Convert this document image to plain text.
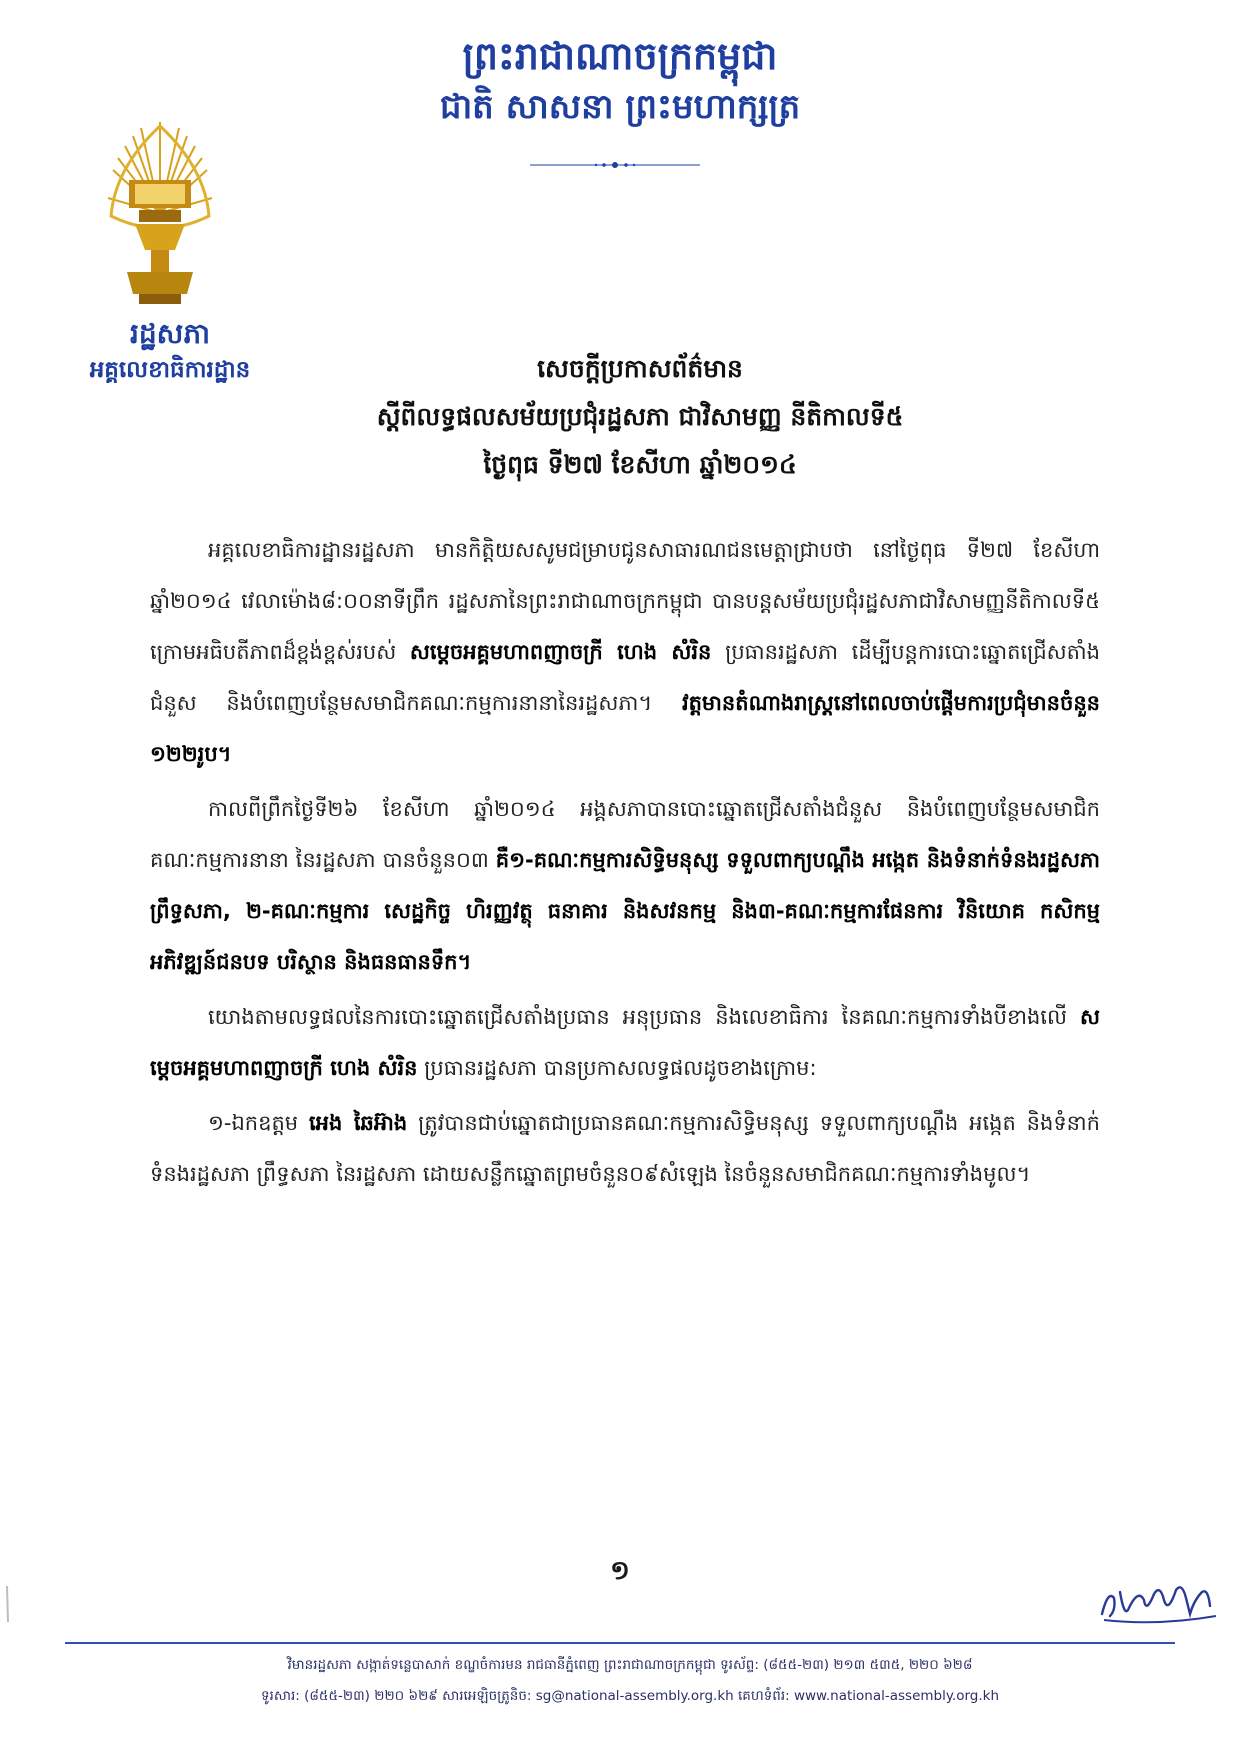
ព្រះរាជាណាចក្រកម្ពុជា
ជាតិ សាសនា ព្រះមហាក្សត្រ
រដ្ឋសភា
អគ្គលេខាធិការដ្ឋាន	សេចក្តីប្រកាសព័ត៌មាន
ស្តីពីលទ្ធផលសម័យប្រជុំរដ្ឋសភា ជាវិសាមញ្ញ នីតិកាលទី៥
ថ្ងៃពុធ ទី២៧ ខែសីហា ឆ្នាំ២០១៤

អគ្គលេខាធិការដ្ឋានរដ្ឋសភា មានកិត្តិយសសូមជម្រាបជូនសាធារណជនមេត្តាជ្រាបថា នៅថ្ងៃពុធ ទី២៧ ខែសីហា ឆ្នាំ២០១៤ វេលាម៉ោង៨:០០នាទីព្រឹក រដ្ឋសភានៃព្រះរាជាណាចក្រកម្ពុជា បានបន្តសម័យប្រជុំរដ្ឋសភាជាវិសាមញ្ញនីតិកាលទី៥ ក្រោមអធិបតីភាពដ៏ខ្ពង់ខ្ពស់របស់ សម្តេចអគ្គមហាពញាចក្រី ហេង សំរិន ប្រធានរដ្ឋសភា ដើម្បីបន្តការបោះឆ្នោតជ្រើសតាំងជំនួស និងបំពេញបន្ថែមសមាជិកគណៈកម្មការនានានៃរដ្ឋសភា។ វត្តមានតំណាងរាស្ត្រនៅពេលចាប់ផ្តើមការប្រជុំមានចំនួន ១២២រូប។

កាលពីព្រឹកថ្ងៃទី២៦ ខែសីហា ឆ្នាំ២០១៤ អង្គសភាបានបោះឆ្នោតជ្រើសតាំងជំនួស និងបំពេញបន្ថែមសមាជិកគណៈកម្មការនានា នៃរដ្ឋសភា បានចំនួន០៣ គឺ១-គណៈកម្មការសិទ្ធិមនុស្ស ទទួលពាក្យបណ្តឹង អង្កេត និងទំនាក់ទំនងរដ្ឋសភា ព្រឹទ្ធសភា, ២-គណៈកម្មការ សេដ្ឋកិច្ច ហិរញ្ញវត្ថុ ធនាគារ និងសវនកម្ម និង៣-គណៈកម្មការផែនការ វិនិយោគ កសិកម្ម អភិវឌ្ឍន៍ជនបទ បរិស្ថាន និងធនធានទឹក។

យោងតាមលទ្ធផលនៃការបោះឆ្នោតជ្រើសតាំងប្រធាន អនុប្រធាន និងលេខាធិការ នៃគណៈកម្មការទាំងបីខាងលើ សម្តេចអគ្គមហាពញាចក្រី ហេង សំរិន ប្រធានរដ្ឋសភា បានប្រកាសលទ្ធផលដូចខាងក្រោម:

១-ឯកឧត្តម អេង ឆៃអ៊ាង ត្រូវបានជាប់ឆ្នោតជាប្រធានគណៈកម្មការសិទ្ធិមនុស្ស ទទួលពាក្យបណ្តឹង អង្កេត និងទំនាក់ទំនងរដ្ឋសភា ព្រឹទ្ធសភា នៃរដ្ឋសភា ដោយសន្លឹកឆ្នោតព្រមចំនួន០៩សំឡេង នៃចំនួនសមាជិកគណៈកម្មការទាំងមូល។

១
វិមានរដ្ឋសភា សង្កាត់ទន្លេបាសាក់ ខណ្ឌចំការមន រាជធានីភ្នំពេញ ព្រះរាជាណាចក្រកម្ពុជា ទូរស័ព្ទ: (៨៥៥-២៣) ២១៣ ៥៣៥, ២២០ ៦២៨
ទូរសារ: (៨៥៥-២៣) ២២០ ៦២៩ សារអេឡិចត្រូនិច: sg@national-assembly.org.kh គេហទំព័រ: www.national-assembly.org.kh
